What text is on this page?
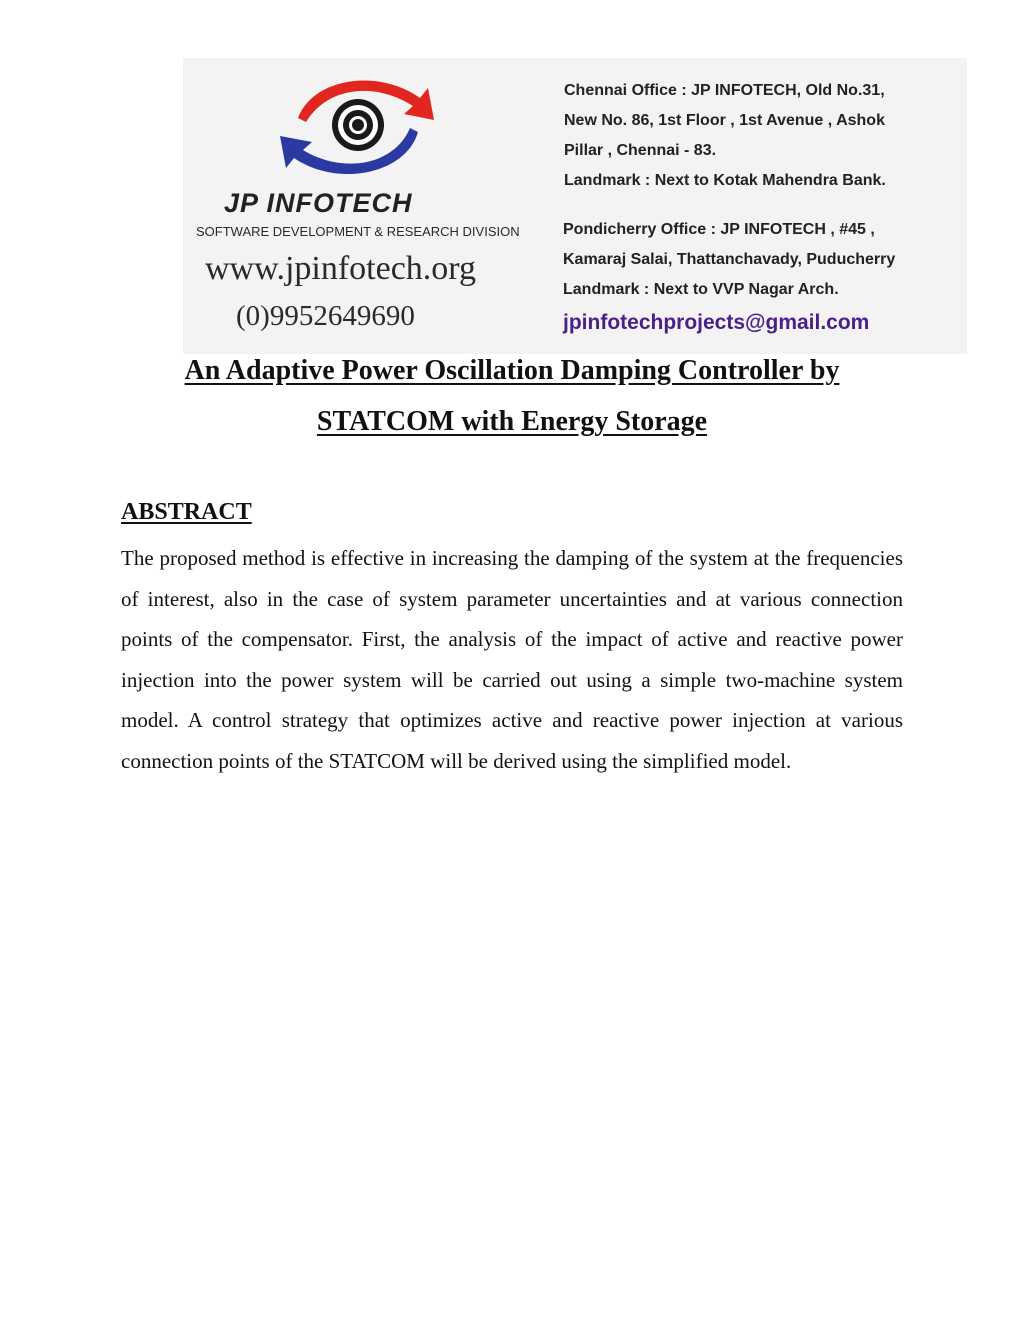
JP INFOTECH
SOFTWARE DEVELOPMENT & RESEARCH DIVISION
www.jpinfotech.org
(0)9952649690
Chennai Office : JP INFOTECH, Old No.31,
New No. 86, 1st Floor , 1st Avenue , Ashok
Pillar , Chennai - 83.
Landmark : Next to Kotak Mahendra Bank.
Pondicherry Office : JP INFOTECH , #45 ,
Kamaraj Salai, Thattanchavady, Puducherry
Landmark : Next to VVP Nagar Arch.
jpinfotechprojects@gmail.com
An Adaptive Power Oscillation Damping Controller by
STATCOM with Energy Storage
ABSTRACT
The proposed method is effective in increasing the damping of the system at the frequencies of interest, also in the case of system parameter uncertainties and at various connection points of the compensator. First, the analysis of the impact of active and reactive power injection into the power system will be carried out using a simple two-machine system model. A control strategy that optimizes active and reactive power injection at various connection points of the STATCOM will be derived using the simplified model.
